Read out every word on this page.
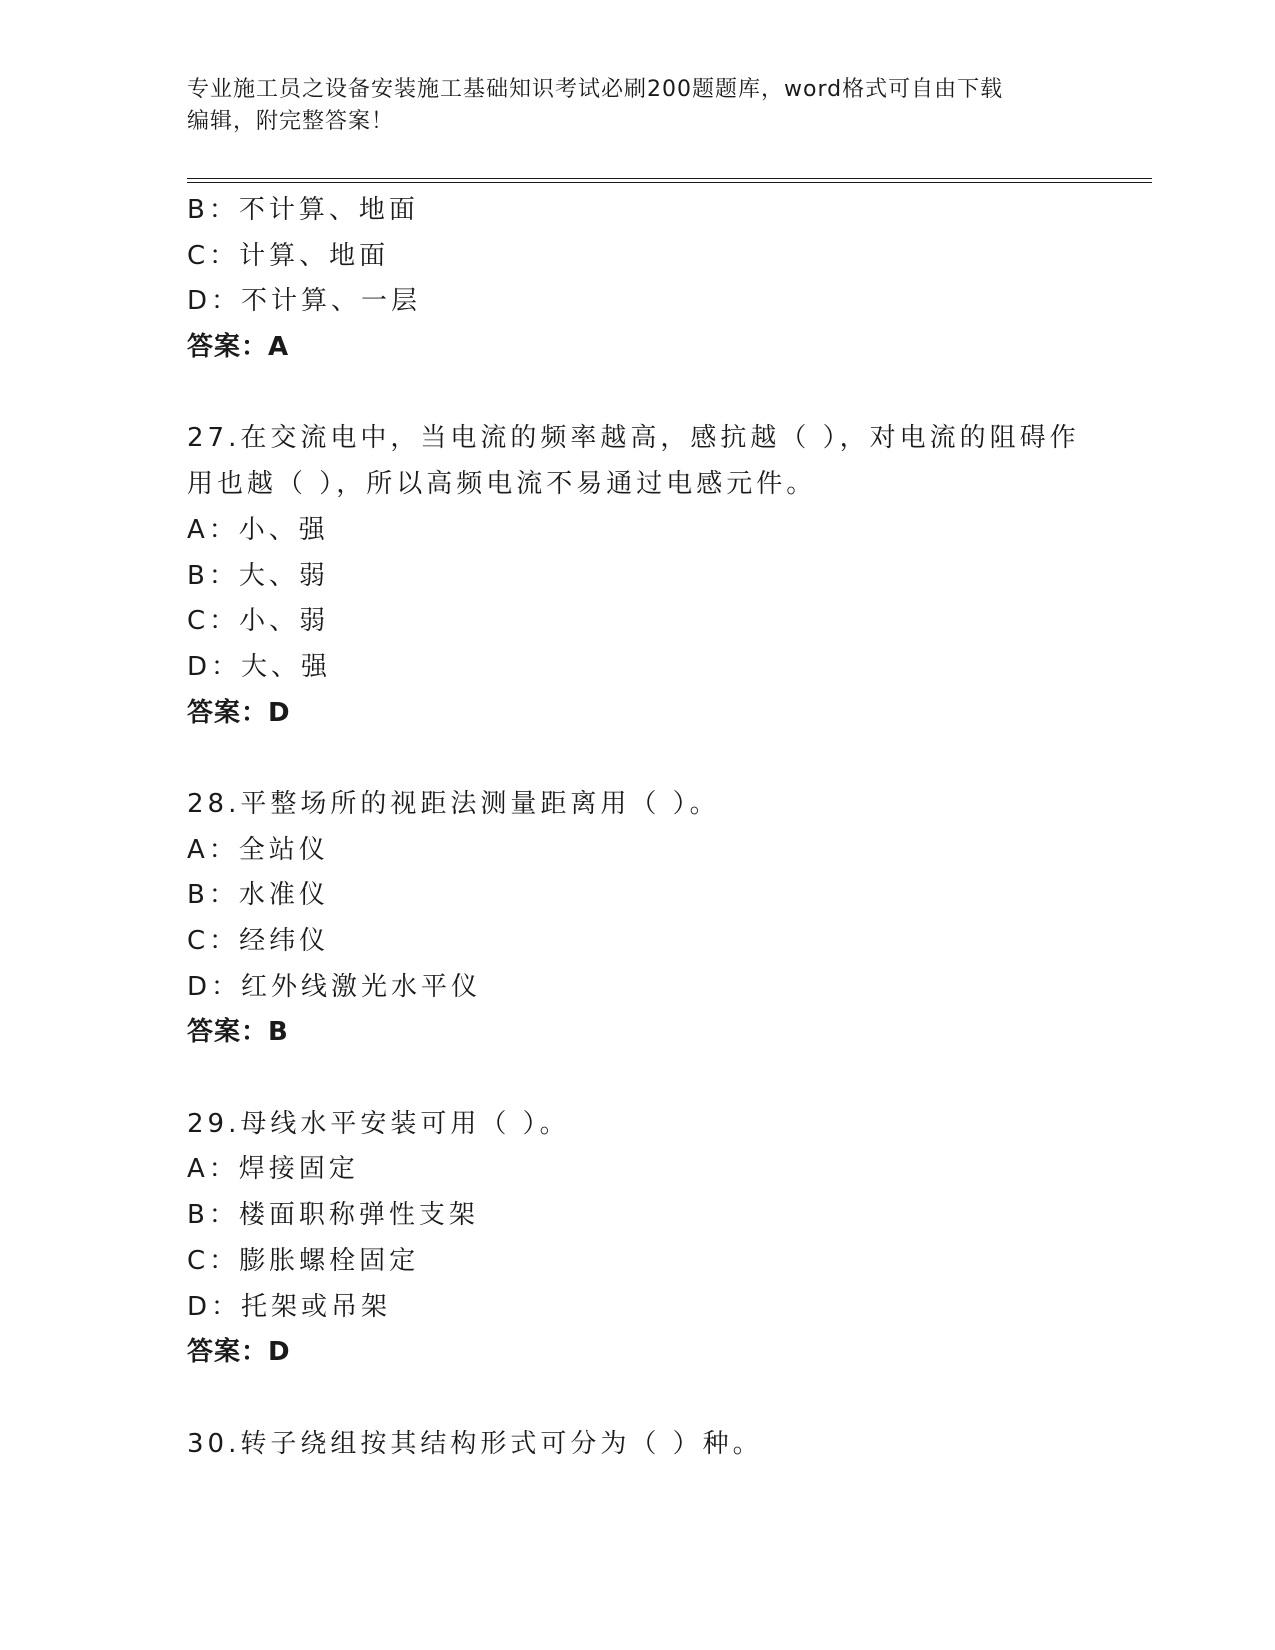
专业施工员之设备安装施工基础知识考试必刷200题题库，word格式可自由下载
编辑，附完整答案！
B：不计算、地面
C：计算、地面
D：不计算、一层
答案：A
27.在交流电中，当电流的频率越高，感抗越（ ），对电流的阻碍作
用也越（ ），所以高频电流不易通过电感元件。
A：小、强
B：大、弱
C：小、弱
D：大、强
答案：D
28.平整场所的视距法测量距离用（ ）。
A：全站仪
B：水准仪
C：经纬仪
D：红外线激光水平仪
答案：B
29.母线水平安装可用（ ）。
A：焊接固定
B：楼面职称弹性支架
C：膨胀螺栓固定
D：托架或吊架
答案：D
30.转子绕组按其结构形式可分为（ ）种。
